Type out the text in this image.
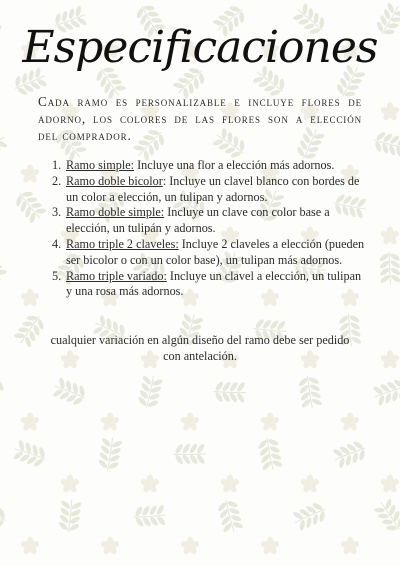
Especificaciones
Cada ramo es personalizable e incluye flores de adorno, los colores de las flores son a elección del comprador.
1. Ramo simple: Incluye una flor a elección más adornos.
2. Ramo doble bicolor: Incluye un clavel blanco con bordes de un color a elección, un tulipan y adornos.
3. Ramo doble simple: Incluye un clave con color base a elección, un tulipán y adornos.
4. Ramo triple 2 claveles: Incluye 2 claveles a elección (pueden ser bicolor o con un color base), un tulipan más adornos.
5. Ramo triple variado: Incluye un clavel a elección, un tulipan y una rosa más adornos.
cualquier variación en algún diseño del ramo debe ser pedido con antelación.
